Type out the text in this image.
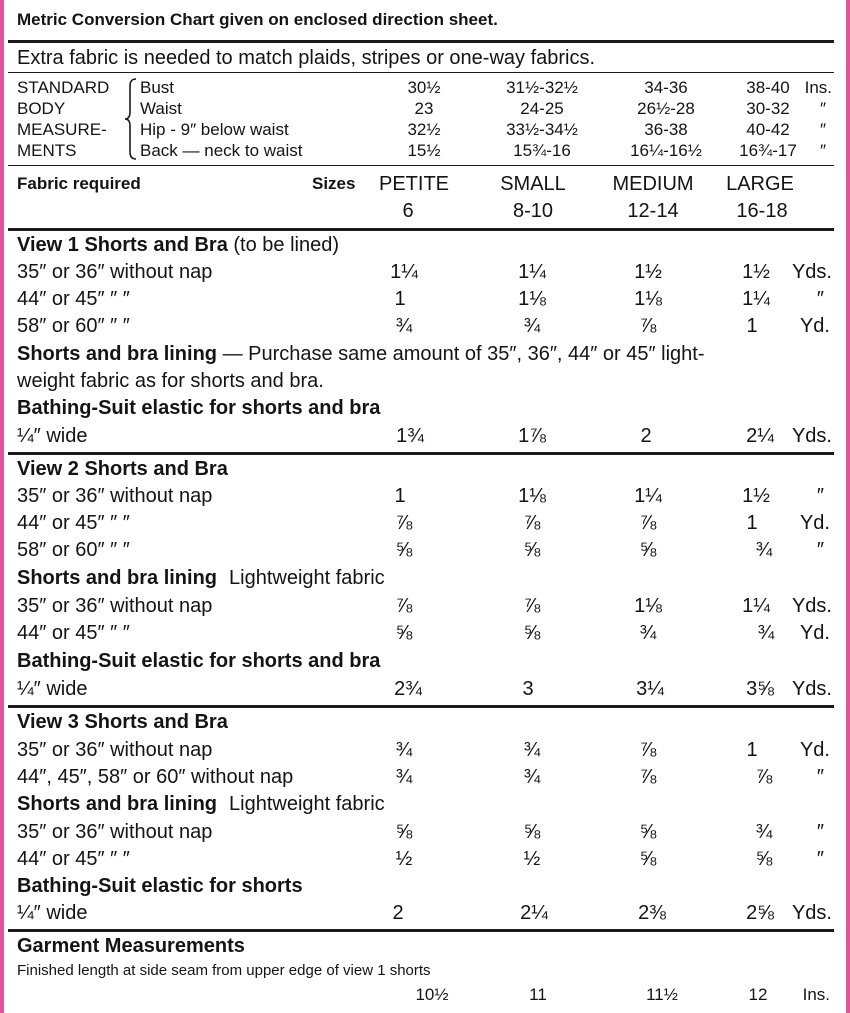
Metric Conversion Chart given on enclosed direction sheet.
Extra fabric is needed to match plaids, stripes or one-way fabrics.
STANDARD
BODY
MEASURE-
MENTS
Bust	30½	31½-32½	34-36	38-40 Ins.
Waist	23	24-25	26½-28	30-32 ″
Hip - 9″ below waist	32½	33½-34½	36-38	40-42 ″
Back — neck to waist	15½	15¾-16	16¼-16½ 16¾-17 ″
Fabric required	Sizes PETITE	SMALL MEDIUM LARGE
6	8-10	12-14	16-18
View 1 Shorts and Bra (to be lined)
35″ or 36″ without nap	1¼	1¼	1½	1½ Yds.
44″ or 45″ ″ ″	1	1⅛	1⅛	1¼ ″
58″ or 60″ ″ ″	¾	¾	⅞	1 Yd.
Shorts and bra lining — Purchase same amount of 35″, 36″, 44″ or 45″ light-
weight fabric as for shorts and bra.
Bathing-Suit elastic for shorts and bra
¼″ wide	1¾	1⅞	2	2¼ Yds.
View 2 Shorts and Bra
35″ or 36″ without nap	1	1⅛	1¼	1½ ″
44″ or 45″ ″ ″	⅞	⅞	⅞	1 Yd.
58″ or 60″ ″ ″	⅝	⅝	⅝	¾ ″
Shorts and bra lining Lightweight fabric
35″ or 36″ without nap	⅞	⅞	1⅛	1¼ Yds.
44″ or 45″ ″ ″	⅝	⅝	¾	¾ Yd.
Bathing-Suit elastic for shorts and bra
¼″ wide	2¾	3	3¼	3⅝ Yds.
View 3 Shorts and Bra
35″ or 36″ without nap	¾	¾	⅞	1 Yd.
44″, 45″, 58″ or 60″ without nap	¾	¾	⅞	⅞ ″
Shorts and bra lining Lightweight fabric
35″ or 36″ without nap	⅝	⅝	⅝	¾ ″
44″ or 45″ ″ ″	½	½	⅝	⅝ ″
Bathing-Suit elastic for shorts
¼″ wide	2	2¼	2⅜	2⅝ Yds.
Garment Measurements
Finished length at side seam from upper edge of view 1 shorts
10½	11	11½	12 Ins.
